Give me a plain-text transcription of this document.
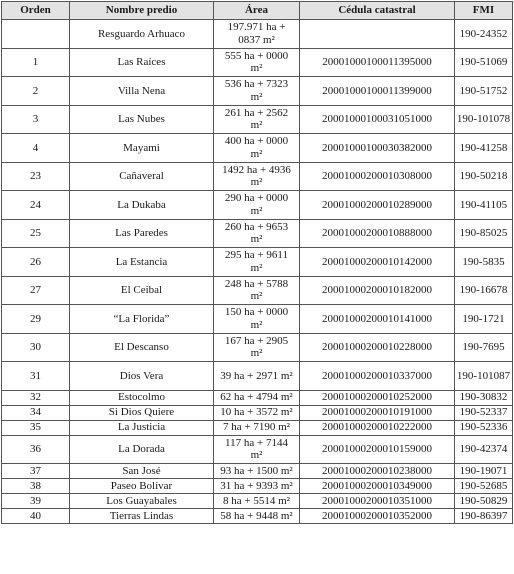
Orden	Nombre predio	Área	Cédula catastral	FMI
	Resguardo Arhuaco	197.971 ha + 0837 m²		190-24352
1	Las Raíces	555 ha + 0000 m²	20001000100011395000	190-51069
2	Villa Nena	536 ha + 7323 m²	20001000100011399000	190-51752
3	Las Nubes	261 ha + 2562 m²	20001000100031051000	190-101078
4	Mayami	400 ha + 0000 m²	20001000100030382000	190-41258
23	Cañaveral	1492 ha + 4936 m²	20001000200010308000	190-50218
24	La Dukaba	290 ha + 0000 m²	20001000200010289000	190-41105
25	Las Paredes	260 ha + 9653 m²	20001000200010888000	190-85025
26	La Estancia	295 ha + 9611 m²	20001000200010142000	190-5835
27	El Ceibal	248 ha + 5788 m²	20001000200010182000	190-16678
29	“La Florida”	150 ha + 0000 m²	20001000200010141000	190-1721
30	El Descanso	167 ha + 2905 m²	20001000200010228000	190-7695
31	Dios Vera	39 ha + 2971 m²	20001000200010337000	190-101087
32	Estocolmo	62 ha + 4794 m²	20001000200010252000	190-30832
34	Si Dios Quiere	10 ha + 3572 m²	20001000200010191000	190-52337
35	La Justicia	7 ha + 7190 m²	20001000200010222000	190-52336
36	La Dorada	117 ha + 7144 m²	20001000200010159000	190-42374
37	San José	93 ha + 1500 m²	20001000200010238000	190-19071
38	Paseo Bolívar	31 ha + 9393 m²	20001000200010349000	190-52685
39	Los Guayabales	8 ha + 5514 m²	20001000200010351000	190-50829
40	Tierras Lindas	58 ha + 9448 m²	20001000200010352000	190-86397
